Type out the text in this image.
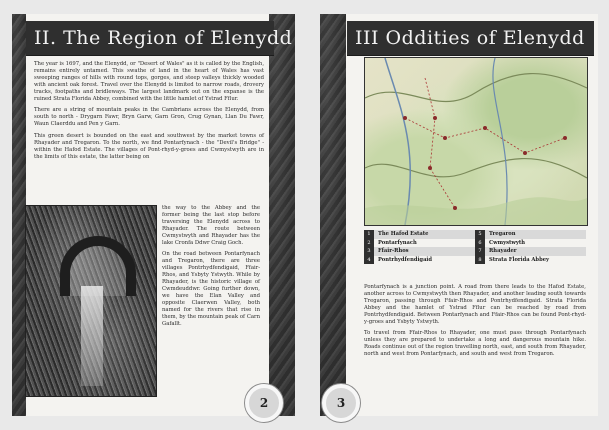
II. The Region of Elenydd

The year is 1697, and the Elenydd, or "Desert of Wales" as it is called by the English, remains entirely untamed. This swathe of land in the heart of Wales has vast sweeping ranges of hills with round tops, gorges, and steep valleys thickly wooded with ancient oak forest. Travel over the Elenydd is limited to narrow roads, drovery tracks, footpaths and bridleways. The largest landmark out on the expanse is the ruined Strata Florida Abbey, combined with the little hamlet of Ystrad Fflur.

There are a string of mountain peaks in the Cambrians across the Elenydd, from south to north - Drygarn Fawr, Bryn Garw, Garn Gron, Crug Gynan, Llan Du Fawr, Waun Claerddu and Pen y Garn.

This green desert is bounded on the east and southwest by the market towns of Rhayader and Tregaron. To the north, we find Pontarfynach - the "Devil's Bridge" - within the Hafod Estate. The villages of Pont-rhyd-y-groes and Cwmystwyth are in the limits of this estate, the latter being on

the way to the Abbey and the former being the last stop before traversing the Elenydd across to Rhayader. The route between Cwmystwyth and Rhayader has the lake Cronfa Ddwr Craig Goch.

On the road between Pontarfynach and Tregaron, there are three villages Pontrhydfendigaid, Ffair-Rhos, and Ysbyty Ystwyth. While by Rhayader, is the historic village of Cwmdeuddwr. Going further down, we have the Elan Valley and opposite Claerwen Valley, both named for the rivers that rise in them, by the mountain peak of Carn Gafallt.

2
III Oddities of Elenydd
1	The Hafod Estate	5	Tregaron
2	Pontarfynach	6	Cwmystwyth
3	Ffair-Rhos	7	Rhayader
4	Pontrhydfendigaid	8	Strata Florida Abbey

Pontarfynach is a junction point. A road from there leads to the Hafod Estate, another across to Cwmystwyth then Rhayader, and another leading south towards Tregaron, passing through Ffair-Rhos and Pontrhydfendigaid. Strata Florida Abbey and the hamlet of Ystrad Fflur can be reached by road from Pontrhydfendigaid. Between Pontarfynach and Ffair-Rhos can be found Pont-rhyd-y-groes and Ysbyty Ystwyth.

To travel from Ffair-Rhos to Rhayader, one must pass through Pontarfynach unless they are prepared to undertake a long and dangerous mountain hike. Roads continue out of the region travelling north, east, and south from Rhayader, north and west from Pontarfynach, and south and west from Tregaron.

3
